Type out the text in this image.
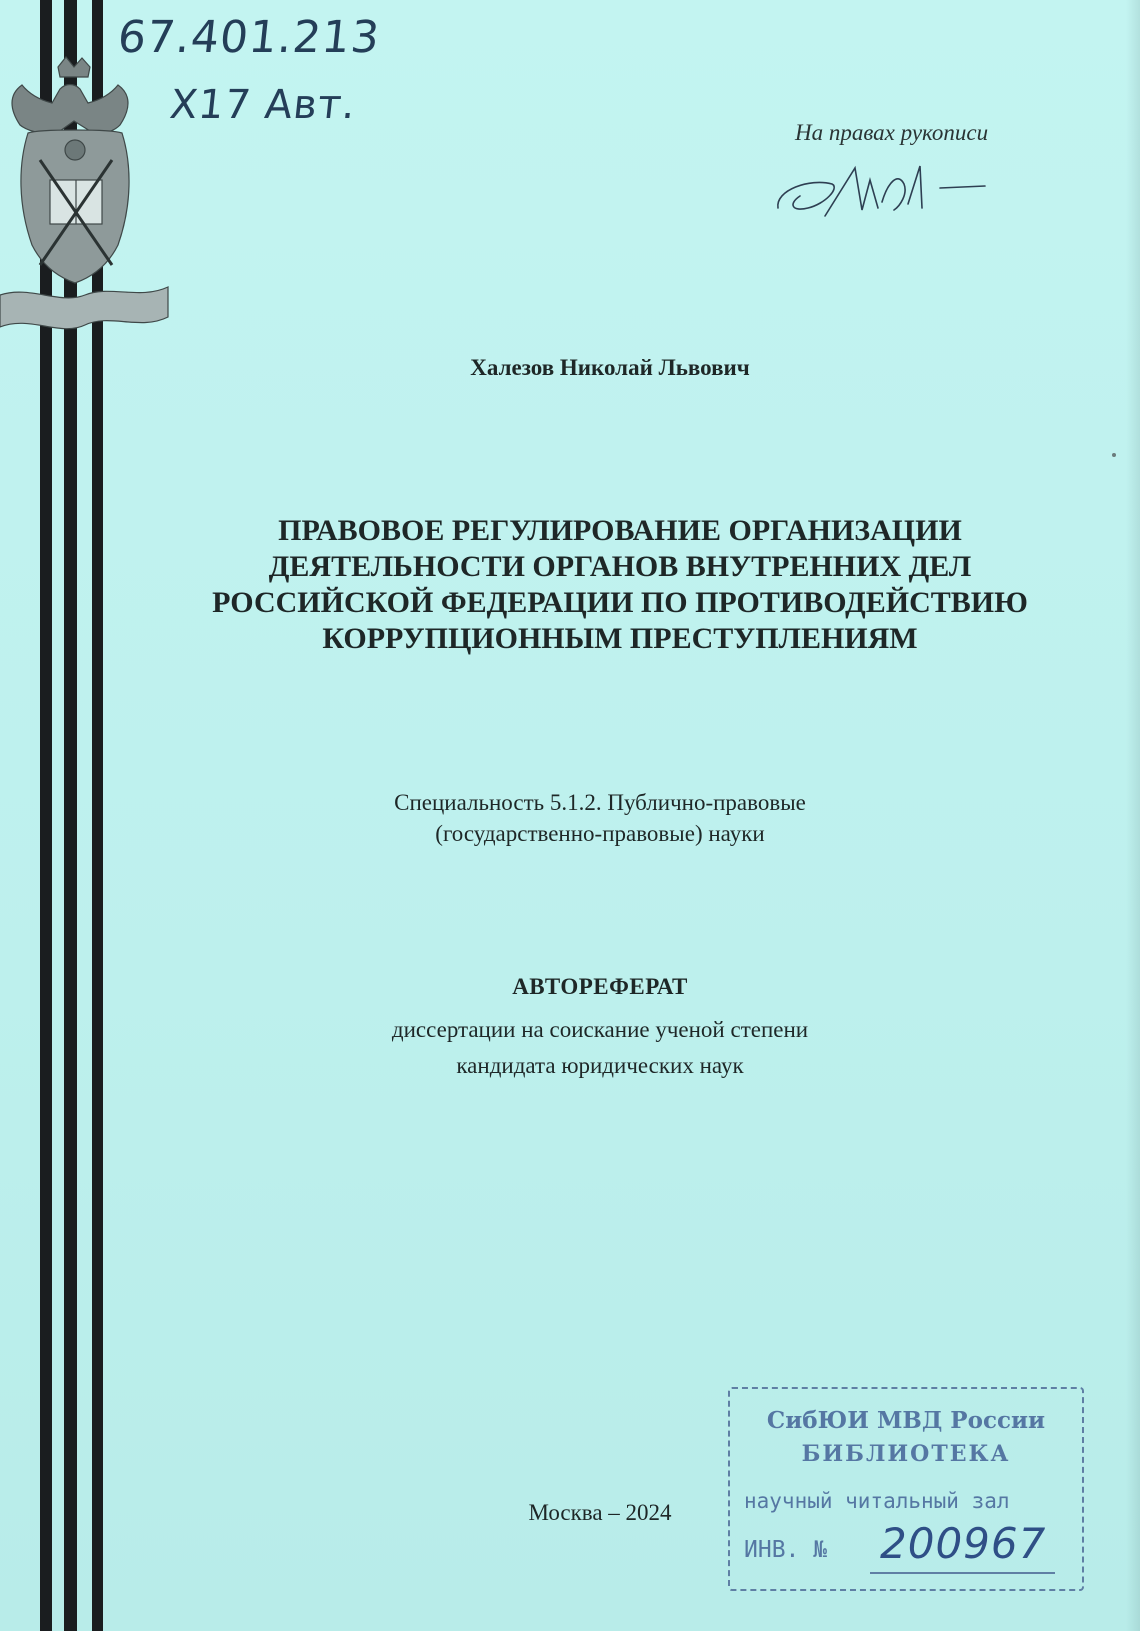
67.401.213
Х17 Авт.
На правах рукописи
Халезов Николай Львович
ПРАВОВОЕ РЕГУЛИРОВАНИЕ ОРГАНИЗАЦИИ
ДЕЯТЕЛЬНОСТИ ОРГАНОВ ВНУТРЕННИХ ДЕЛ
РОССИЙСКОЙ ФЕДЕРАЦИИ ПО ПРОТИВОДЕЙСТВИЮ
КОРРУПЦИОННЫМ ПРЕСТУПЛЕНИЯМ
Специальность 5.1.2. Публично-правовые
(государственно-правовые) науки
АВТОРЕФЕРАТ
диссертации на соискание ученой степени
кандидата юридических наук
Москва – 2024
СибЮИ МВД России
БИБЛИОТЕКА
научный читальный зал
ИНВ. № 200967
